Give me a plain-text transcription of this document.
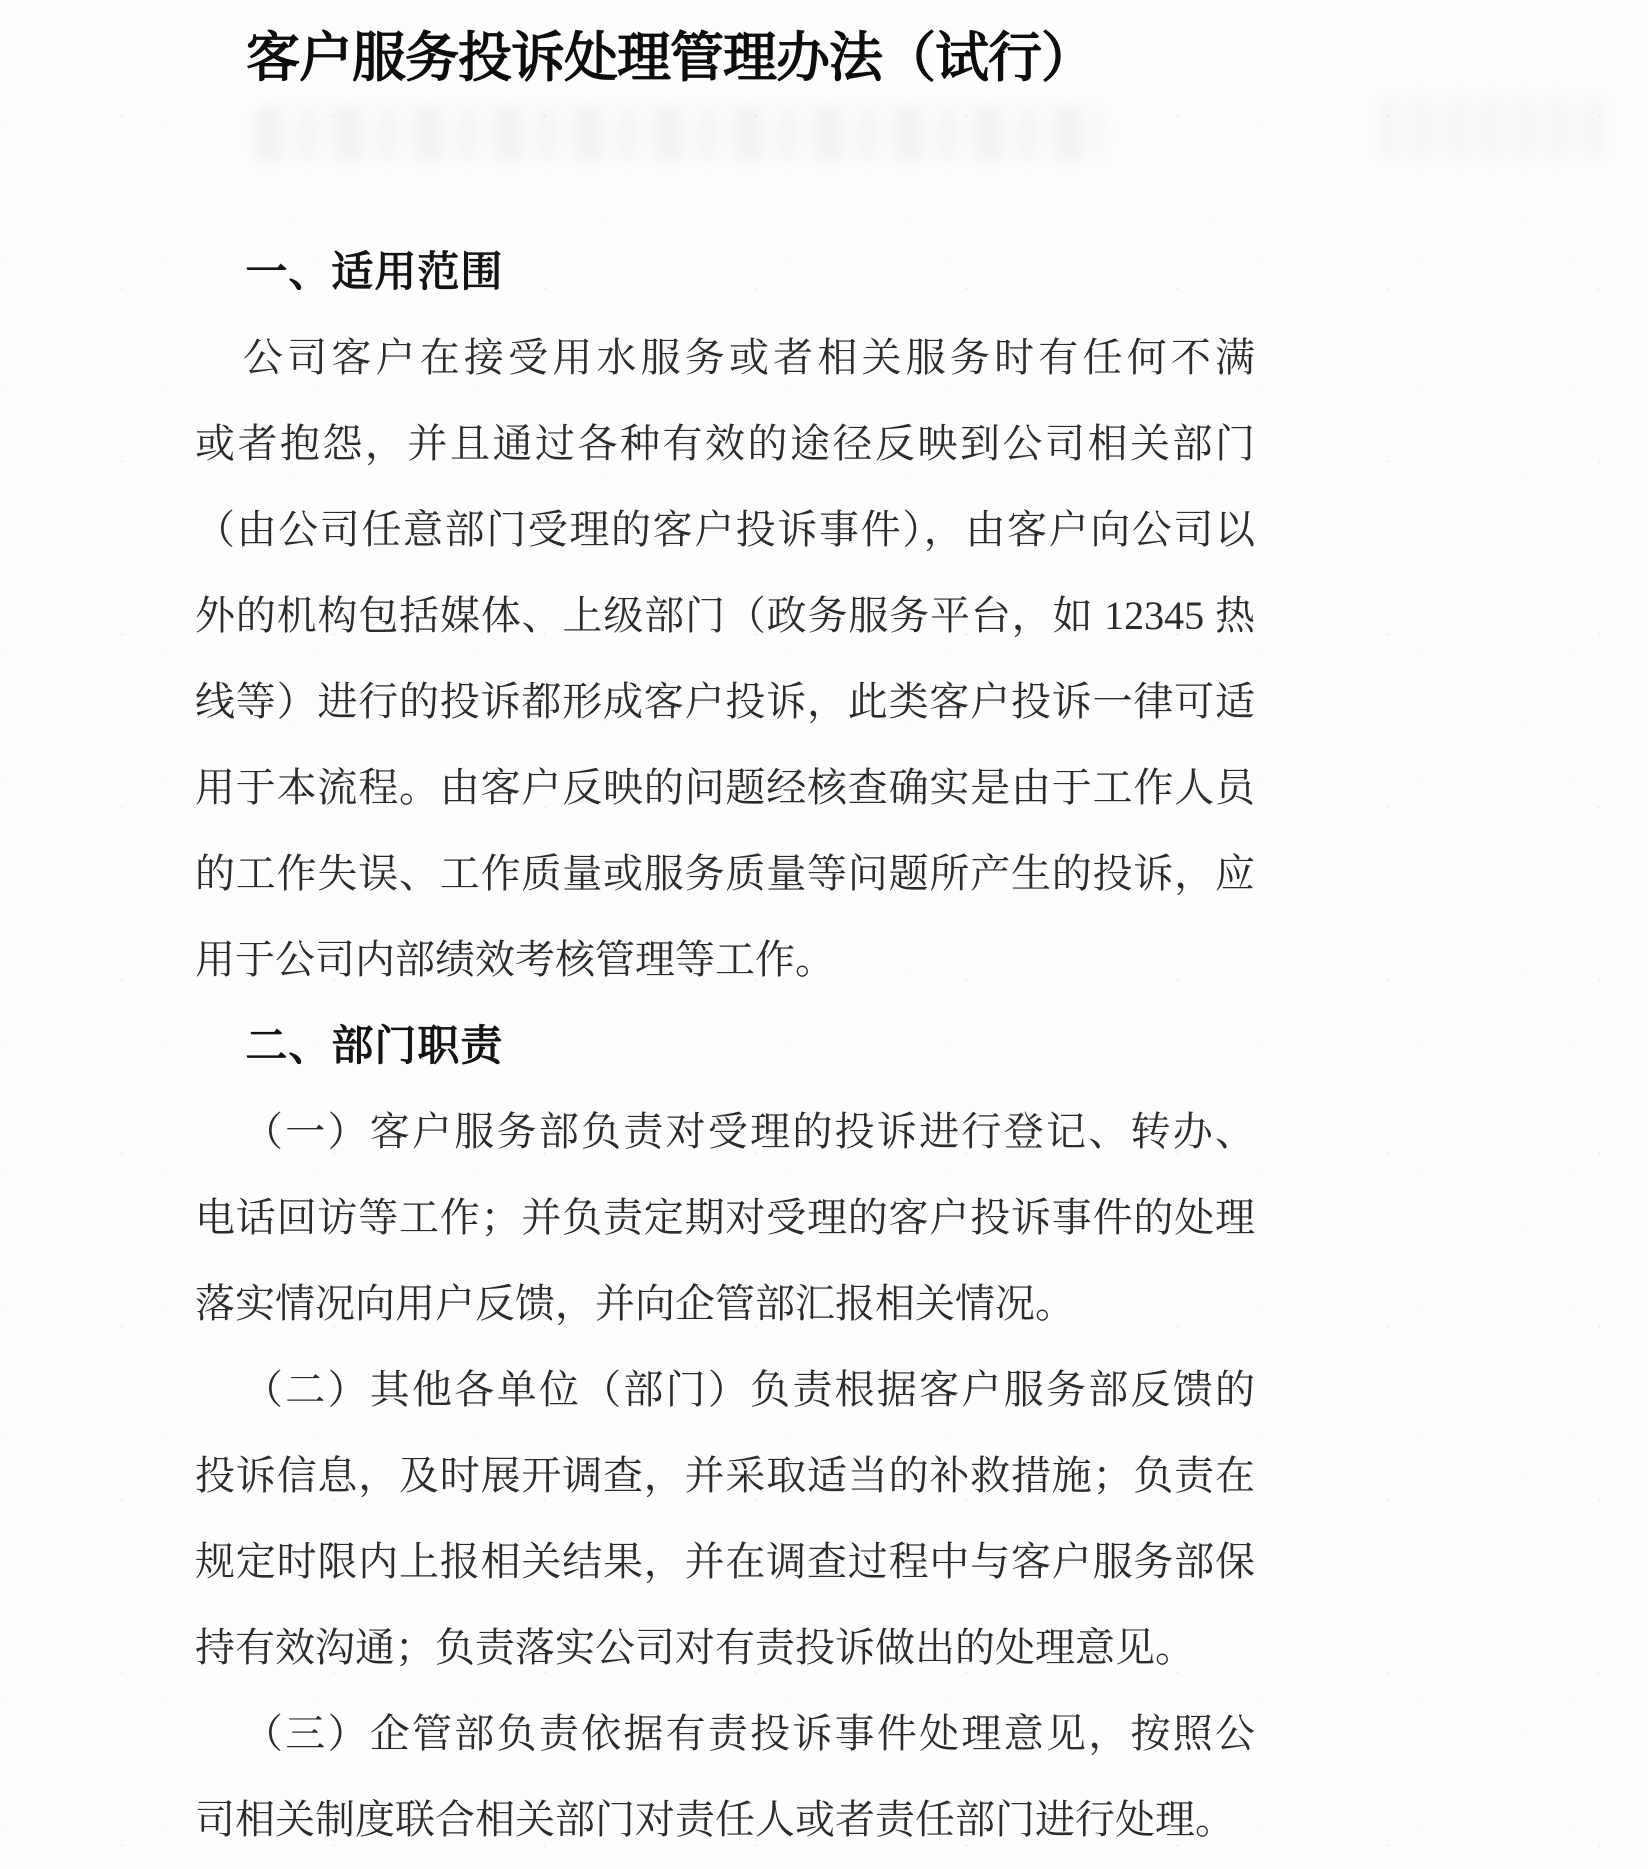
客户服务投诉处理管理办法（试行）
一、适用范围

公司客户在接受用水服务或者相关服务时有任何不满
或者抱怨，并且通过各种有效的途径反映到公司相关部门
（由公司任意部门受理的客户投诉事件），由客户向公司以
外的机构包括媒体、上级部门（政务服务平台，如 12345 热
线等）进行的投诉都形成客户投诉，此类客户投诉一律可适
用于本流程。由客户反映的问题经核查确实是由于工作人员
的工作失误、工作质量或服务质量等问题所产生的投诉，应
用于公司内部绩效考核管理等工作。

二、部门职责

（一）客户服务部负责对受理的投诉进行登记、转办、
电话回访等工作；并负责定期对受理的客户投诉事件的处理
落实情况向用户反馈，并向企管部汇报相关情况。

（二）其他各单位（部门）负责根据客户服务部反馈的
投诉信息，及时展开调查，并采取适当的补救措施；负责在
规定时限内上报相关结果，并在调查过程中与客户服务部保
持有效沟通；负责落实公司对有责投诉做出的处理意见。

（三）企管部负责依据有责投诉事件处理意见，按照公
司相关制度联合相关部门对责任人或者责任部门进行处理。
